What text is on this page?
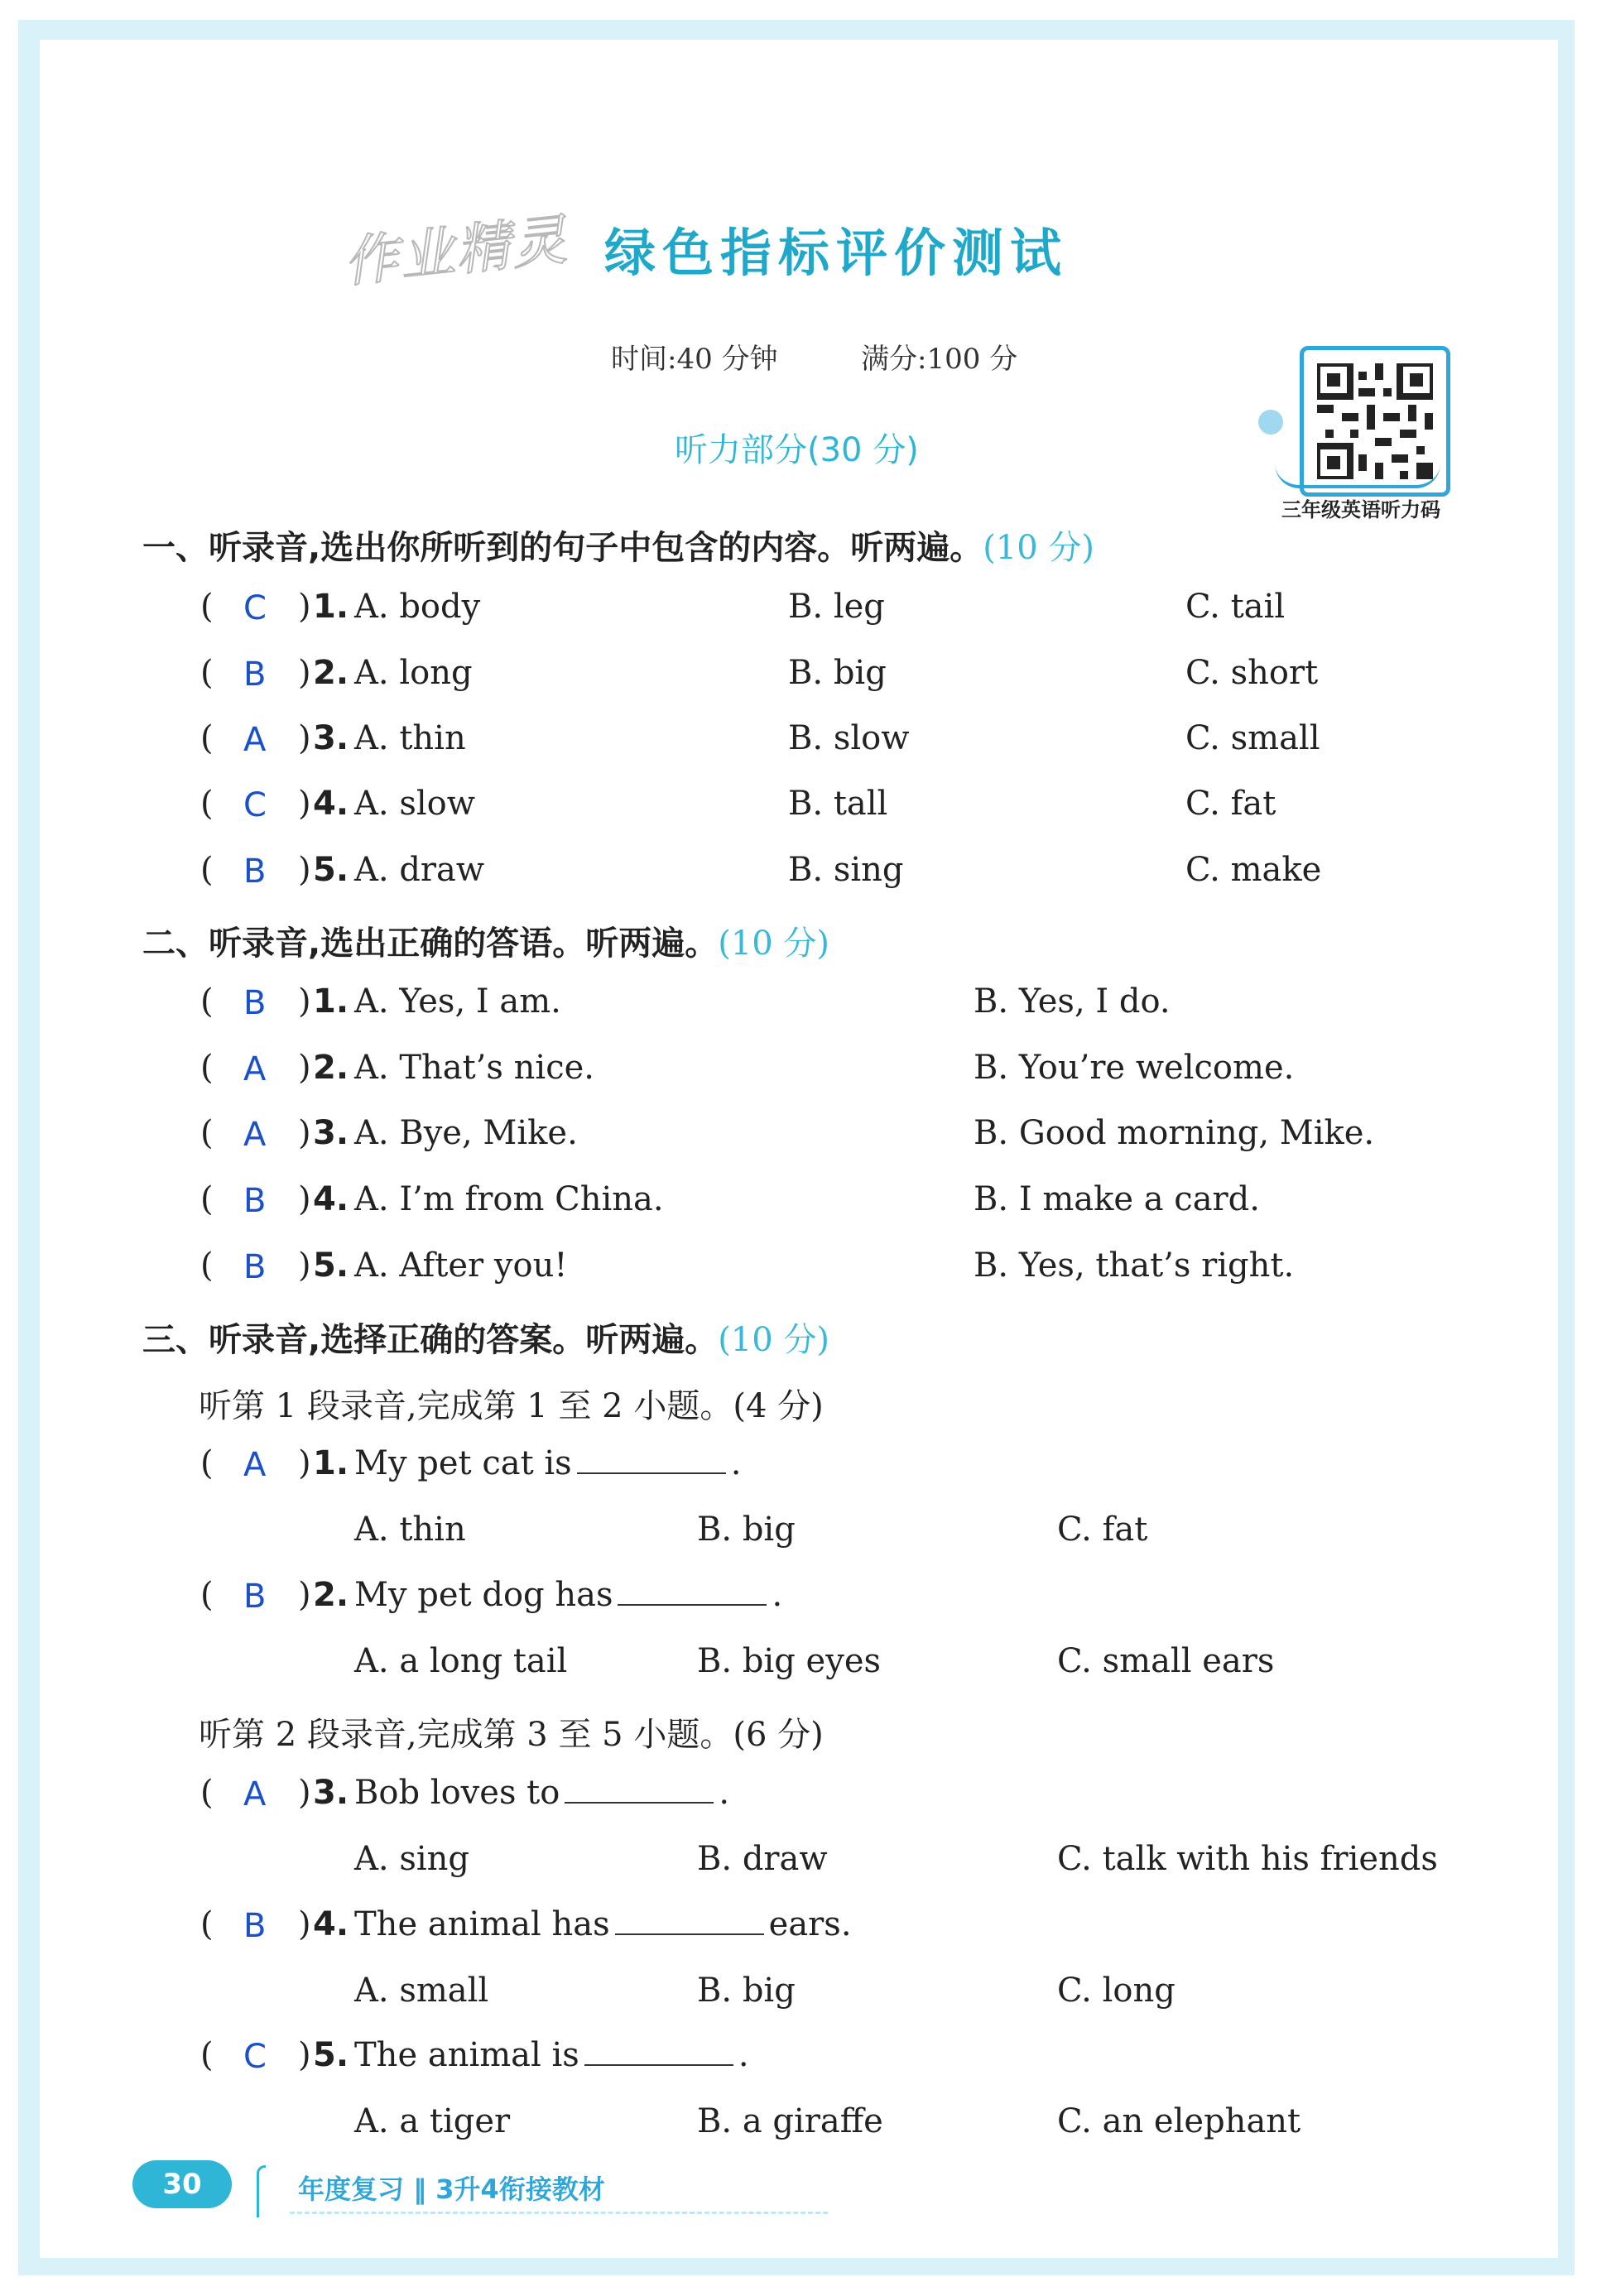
作业精灵 绿色指标评价测试
时间:40 分钟	满分:100 分
听力部分(30 分)
三年级英语听力码
一、听录音,选出你所听到的句子中包含的内容。听两遍。(10 分)
( C ) 1. A. body	B. leg	C. tail
( B ) 2. A. long	B. big	C. short
( A ) 3. A. thin	B. slow	C. small
( C ) 4. A. slow	B. tall	C. fat
( B ) 5. A. draw	B. sing	C. make
( B ) 1. A. Yes, I am.	B. Yes, I do.
( A ) 2. A. That’s nice.	B. You’re welcome.
( A ) 3. A. Bye, Mike.	B. Good morning, Mike.
( B ) 4. A. I’m from China.	B. I make a card.
( B ) 5. A. After you!	B. Yes, that’s right.
( A ) 1. My pet cat is	.
A. thin	B. big	C. fat
( B ) 2. My pet dog has	.
A. a long tail	B. big eyes	C. small ears
( A ) 3. Bob loves to	.
A. sing	B. draw	C. talk with his friends
( B ) 4. The animal has	ears.
A. small	B. big	C. long
( C ) 5. The animal is	.
A. a tiger	B. a giraffe	C. an elephant
二、听录音,选出正确的答语。听两遍。(10 分)
三、听录音,选择正确的答案。听两遍。(10 分)
听第 1 段录音,完成第 1 至 2 小题。(4 分)
听第 2 段录音,完成第 3 至 5 小题。(6 分)
30	年度复习 ‖ 3升4衔接教材
